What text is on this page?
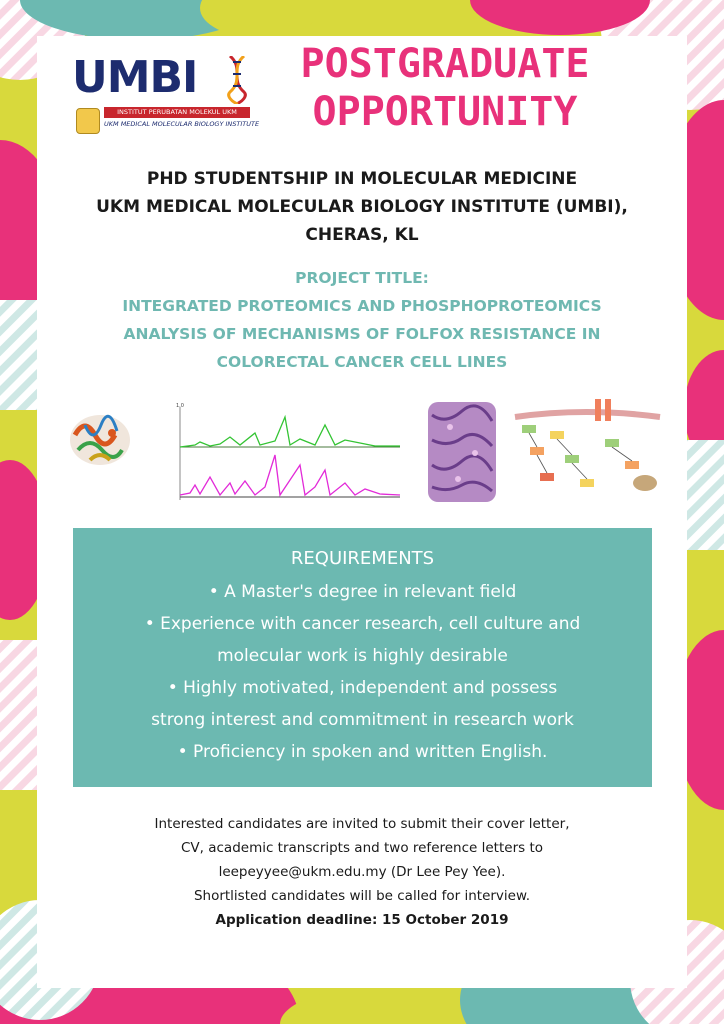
UMBI
INSTITUT PERUBATAN MOLEKUL UKM
UKM MEDICAL MOLECULAR BIOLOGY INSTITUTE
POSTGRADUATE
OPPORTUNITY
PHD STUDENTSHIP IN MOLECULAR MEDICINE
UKM MEDICAL MOLECULAR BIOLOGY INSTITUTE (UMBI),
CHERAS, KL
PROJECT TITLE:
INTEGRATED PROTEOMICS AND PHOSPHOPROTEOMICS
ANALYSIS OF MECHANISMS OF FOLFOX RESISTANCE IN
COLORECTAL CANCER CELL LINES
1.0
REQUIREMENTS
• A Master's degree in relevant field
• Experience with cancer research, cell culture and
molecular work is highly desirable
• Highly motivated, independent and possess
strong interest and commitment in research work
• Proficiency in spoken and written English.
Interested candidates are invited to submit their cover letter,
CV, academic transcripts and two reference letters to
leepeyyee@ukm.edu.my (Dr Lee Pey Yee).
Shortlisted candidates will be called for interview.
Application deadline: 15 October 2019
